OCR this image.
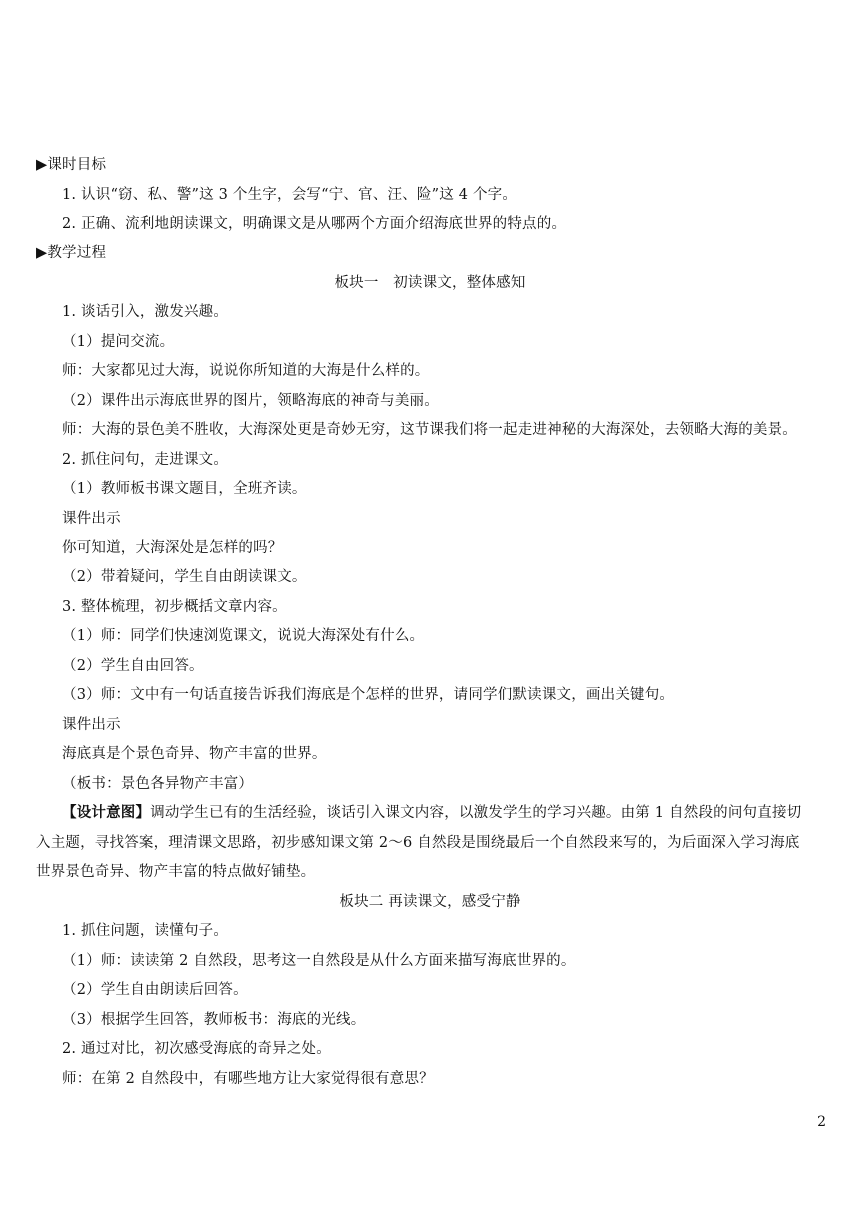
▶课时目标
1. 认识“窃、私、警”这 3 个生字，会写“宁、官、汪、险”这 4 个字。
2. 正确、流利地朗读课文，明确课文是从哪两个方面介绍海底世界的特点的。
▶教学过程
板块一　初读课文，整体感知
1. 谈话引入，激发兴趣。
（1）提问交流。
师：大家都见过大海，说说你所知道的大海是什么样的。
（2）课件出示海底世界的图片，领略海底的神奇与美丽。
师：大海的景色美不胜收，大海深处更是奇妙无穷，这节课我们将一起走进神秘的大海深处，去领略大海的美景。
2. 抓住问句，走进课文。
（1）教师板书课文题目，全班齐读。
课件出示
你可知道，大海深处是怎样的吗？
（2）带着疑问，学生自由朗读课文。
3. 整体梳理，初步概括文章内容。
（1）师：同学们快速浏览课文，说说大海深处有什么。
（2）学生自由回答。
（3）师：文中有一句话直接告诉我们海底是个怎样的世界，请同学们默读课文，画出关键句。
课件出示
海底真是个景色奇异、物产丰富的世界。
（板书：景色各异物产丰富）
【设计意图】调动学生已有的生活经验，谈话引入课文内容，以激发学生的学习兴趣。由第 1 自然段的问句直接切
入主题，寻找答案，理清课文思路，初步感知课文第 2～6 自然段是围绕最后一个自然段来写的，为后面深入学习海底
世界景色奇异、物产丰富的特点做好铺垫。
板块二 再读课文，感受宁静
1. 抓住问题，读懂句子。
（1）师：读读第 2 自然段，思考这一自然段是从什么方面来描写海底世界的。
（2）学生自由朗读后回答。
（3）根据学生回答，教师板书：海底的光线。
2. 通过对比，初次感受海底的奇异之处。
师：在第 2 自然段中，有哪些地方让大家觉得很有意思？
2
